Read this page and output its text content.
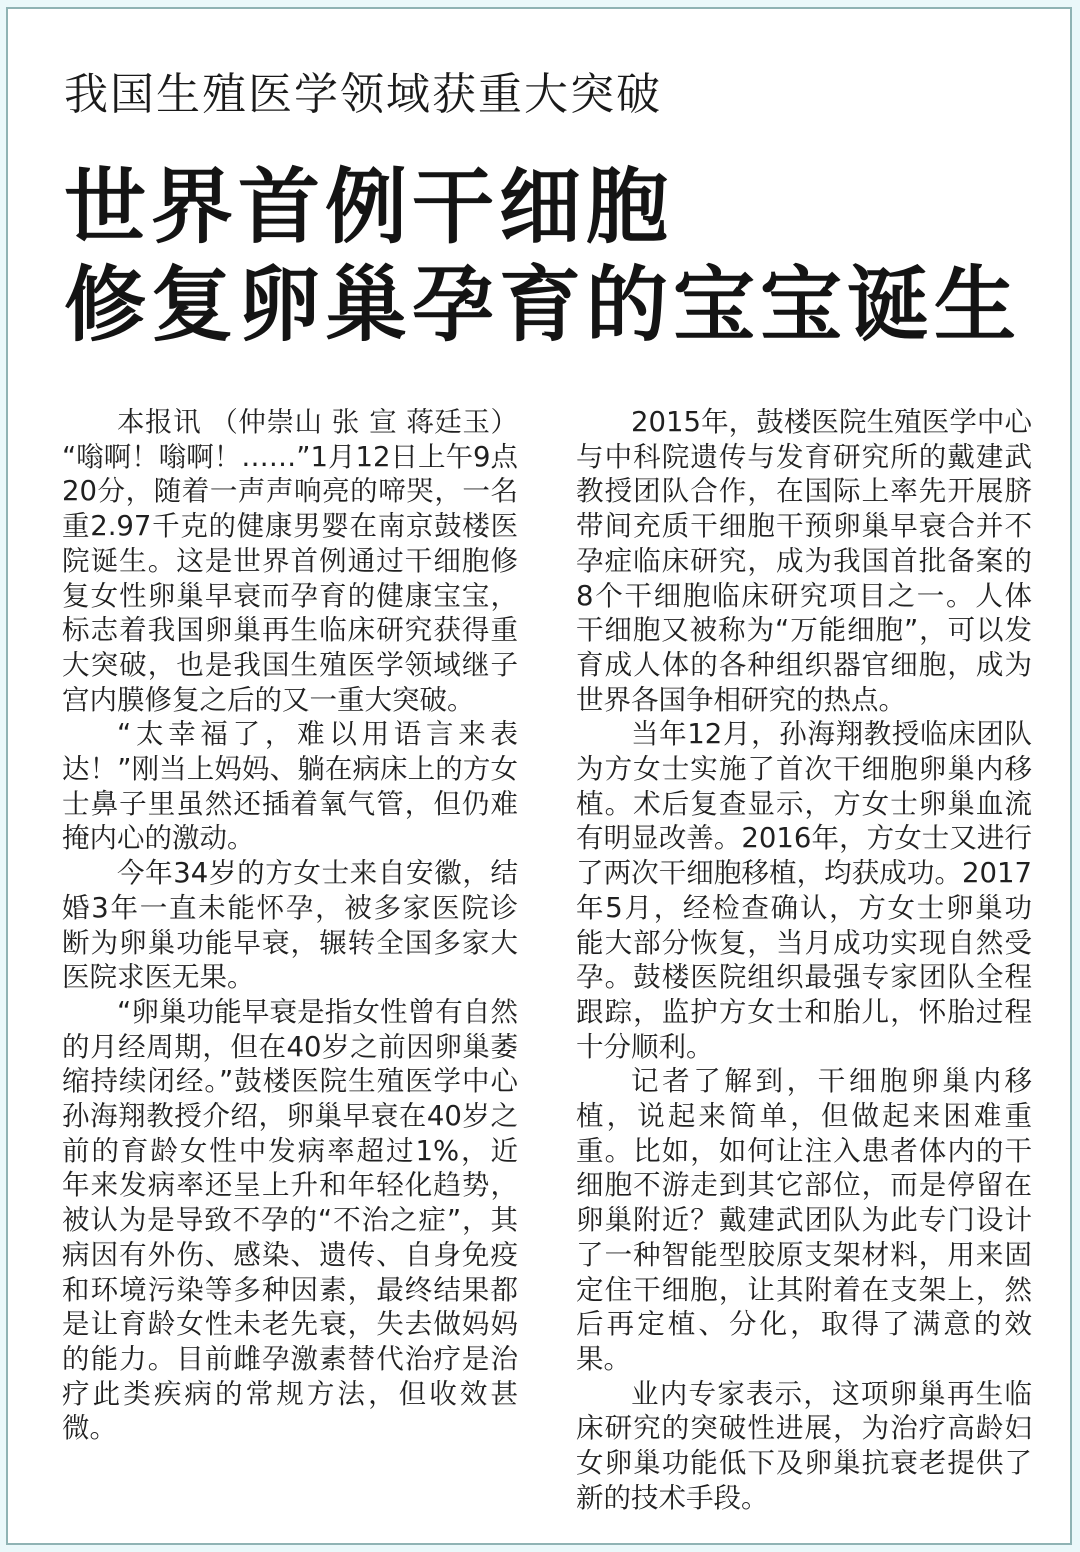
我国生殖医学领域获重大突破
世界首例干细胞
修复卵巢孕育的宝宝诞生

本报讯 （仲崇山 张 宣 蒋廷玉） “嗡啊！嗡啊！……”1月12日上午9点20分，随着一声声响亮的啼哭，一名重2.97千克的健康男婴在南京鼓楼医院诞生。这是世界首例通过干细胞修复女性卵巢早衰而孕育的健康宝宝，标志着我国卵巢再生临床研究获得重大突破，也是我国生殖医学领域继子宫内膜修复之后的又一重大突破。

“太幸福了，难以用语言来表达！”刚当上妈妈、躺在病床上的方女士鼻子里虽然还插着氧气管，但仍难掩内心的激动。

今年34岁的方女士来自安徽，结婚3年一直未能怀孕，被多家医院诊断为卵巢功能早衰，辗转全国多家大医院求医无果。

“卵巢功能早衰是指女性曾有自然的月经周期，但在40岁之前因卵巢萎缩持续闭经。”鼓楼医院生殖医学中心孙海翔教授介绍，卵巢早衰在40岁之前的育龄女性中发病率超过1%，近年来发病率还呈上升和年轻化趋势，被认为是导致不孕的“不治之症”，其病因有外伤、感染、遗传、自身免疫和环境污染等多种因素，最终结果都是让育龄女性未老先衰，失去做妈妈的能力。目前雌孕激素替代治疗是治疗此类疾病的常规方法，但收效甚微。

2015年，鼓楼医院生殖医学中心与中科院遗传与发育研究所的戴建武教授团队合作，在国际上率先开展脐带间充质干细胞干预卵巢早衰合并不孕症临床研究，成为我国首批备案的8个干细胞临床研究项目之一。人体干细胞又被称为“万能细胞”，可以发育成人体的各种组织器官细胞，成为世界各国争相研究的热点。

当年12月，孙海翔教授临床团队为方女士实施了首次干细胞卵巢内移植。术后复查显示，方女士卵巢血流有明显改善。2016年，方女士又进行了两次干细胞移植，均获成功。2017年5月，经检查确认，方女士卵巢功能大部分恢复，当月成功实现自然受孕。鼓楼医院组织最强专家团队全程跟踪，监护方女士和胎儿，怀胎过程十分顺利。

记者了解到，干细胞卵巢内移植，说起来简单，但做起来困难重重。比如，如何让注入患者体内的干细胞不游走到其它部位，而是停留在卵巢附近？戴建武团队为此专门设计了一种智能型胶原支架材料，用来固定住干细胞，让其附着在支架上，然后再定植、分化，取得了满意的效果。

业内专家表示，这项卵巢再生临床研究的突破性进展，为治疗高龄妇女卵巢功能低下及卵巢抗衰老提供了新的技术手段。
